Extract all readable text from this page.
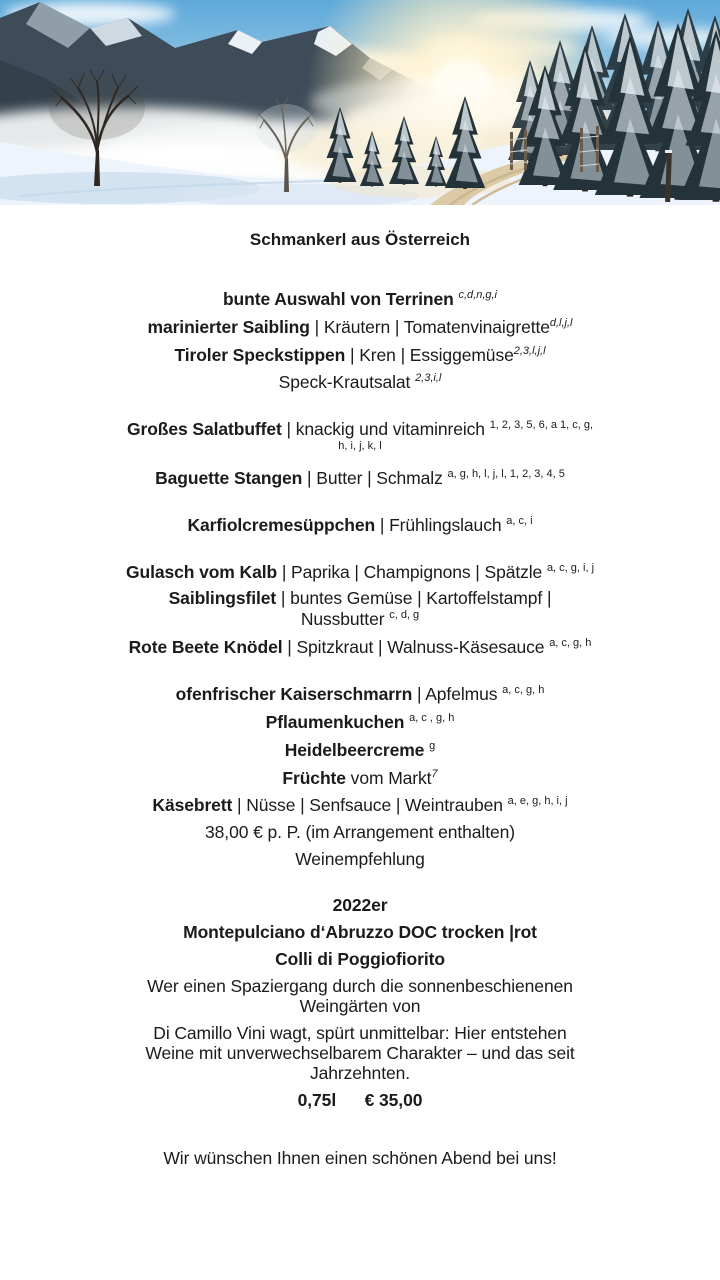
Schmankerl aus Österreich

bunte Auswahl von Terrinen $^{c,d,n,g,i}$

marinierter Saibling | Kräutern | Tomatenvinaigrette$^{d,l,j,l}$

Tiroler Speckstippen | Kren | Essiggemüse$^{2,3,l,j,l}$

Speck-Krautsalat $^{2,3,i,l}$

Großes Salatbuffet | knackig und vitaminreich $^{1, 2, 3, 5, 6, a 1, c, g,}$
$^{h, i, j, k, l}$

Baguette Stangen | Butter | Schmalz $^{a, g, h, l, j, l, 1, 2, 3, 4, 5}$

Karfiolcremesüppchen | Frühlingslauch $^{a, c, i}$

Gulasch vom Kalb | Paprika | Champignons | Spätzle $^{a, c, g, i, j}$

Saiblingsfilet | buntes Gemüse | Kartoffelstampf |
Nussbutter $^{c, d, g}$

Rote Beete Knödel | Spitzkraut | Walnuss-Käsesauce $^{a, c, g, h}$

ofenfrischer Kaiserschmarrn | Apfelmus $^{a, c, g, h}$

Pflaumenkuchen $^{a, c , g, h}$

Heidelbeercreme $^g$

Früchte vom Markt$^7$

Käsebrett | Nüsse | Senfsauce | Weintrauben $^{a, e, g, h, i, j}$

38,00 € p. P. (im Arrangement enthalten)

Weinempfehlung

2022er

Montepulciano d‘Abruzzo DOC trocken |rot

Colli di Poggiofiorito

Wer einen Spaziergang durch die sonnenbeschienenen
Weingärten von

Di Camillo Vini wagt, spürt unmittelbar: Hier entstehen
Weine mit unverwechselbarem Charakter – und das seit
Jahrzehnten.

0,75l      € 35,00

Wir wünschen Ihnen einen schönen Abend bei uns!
